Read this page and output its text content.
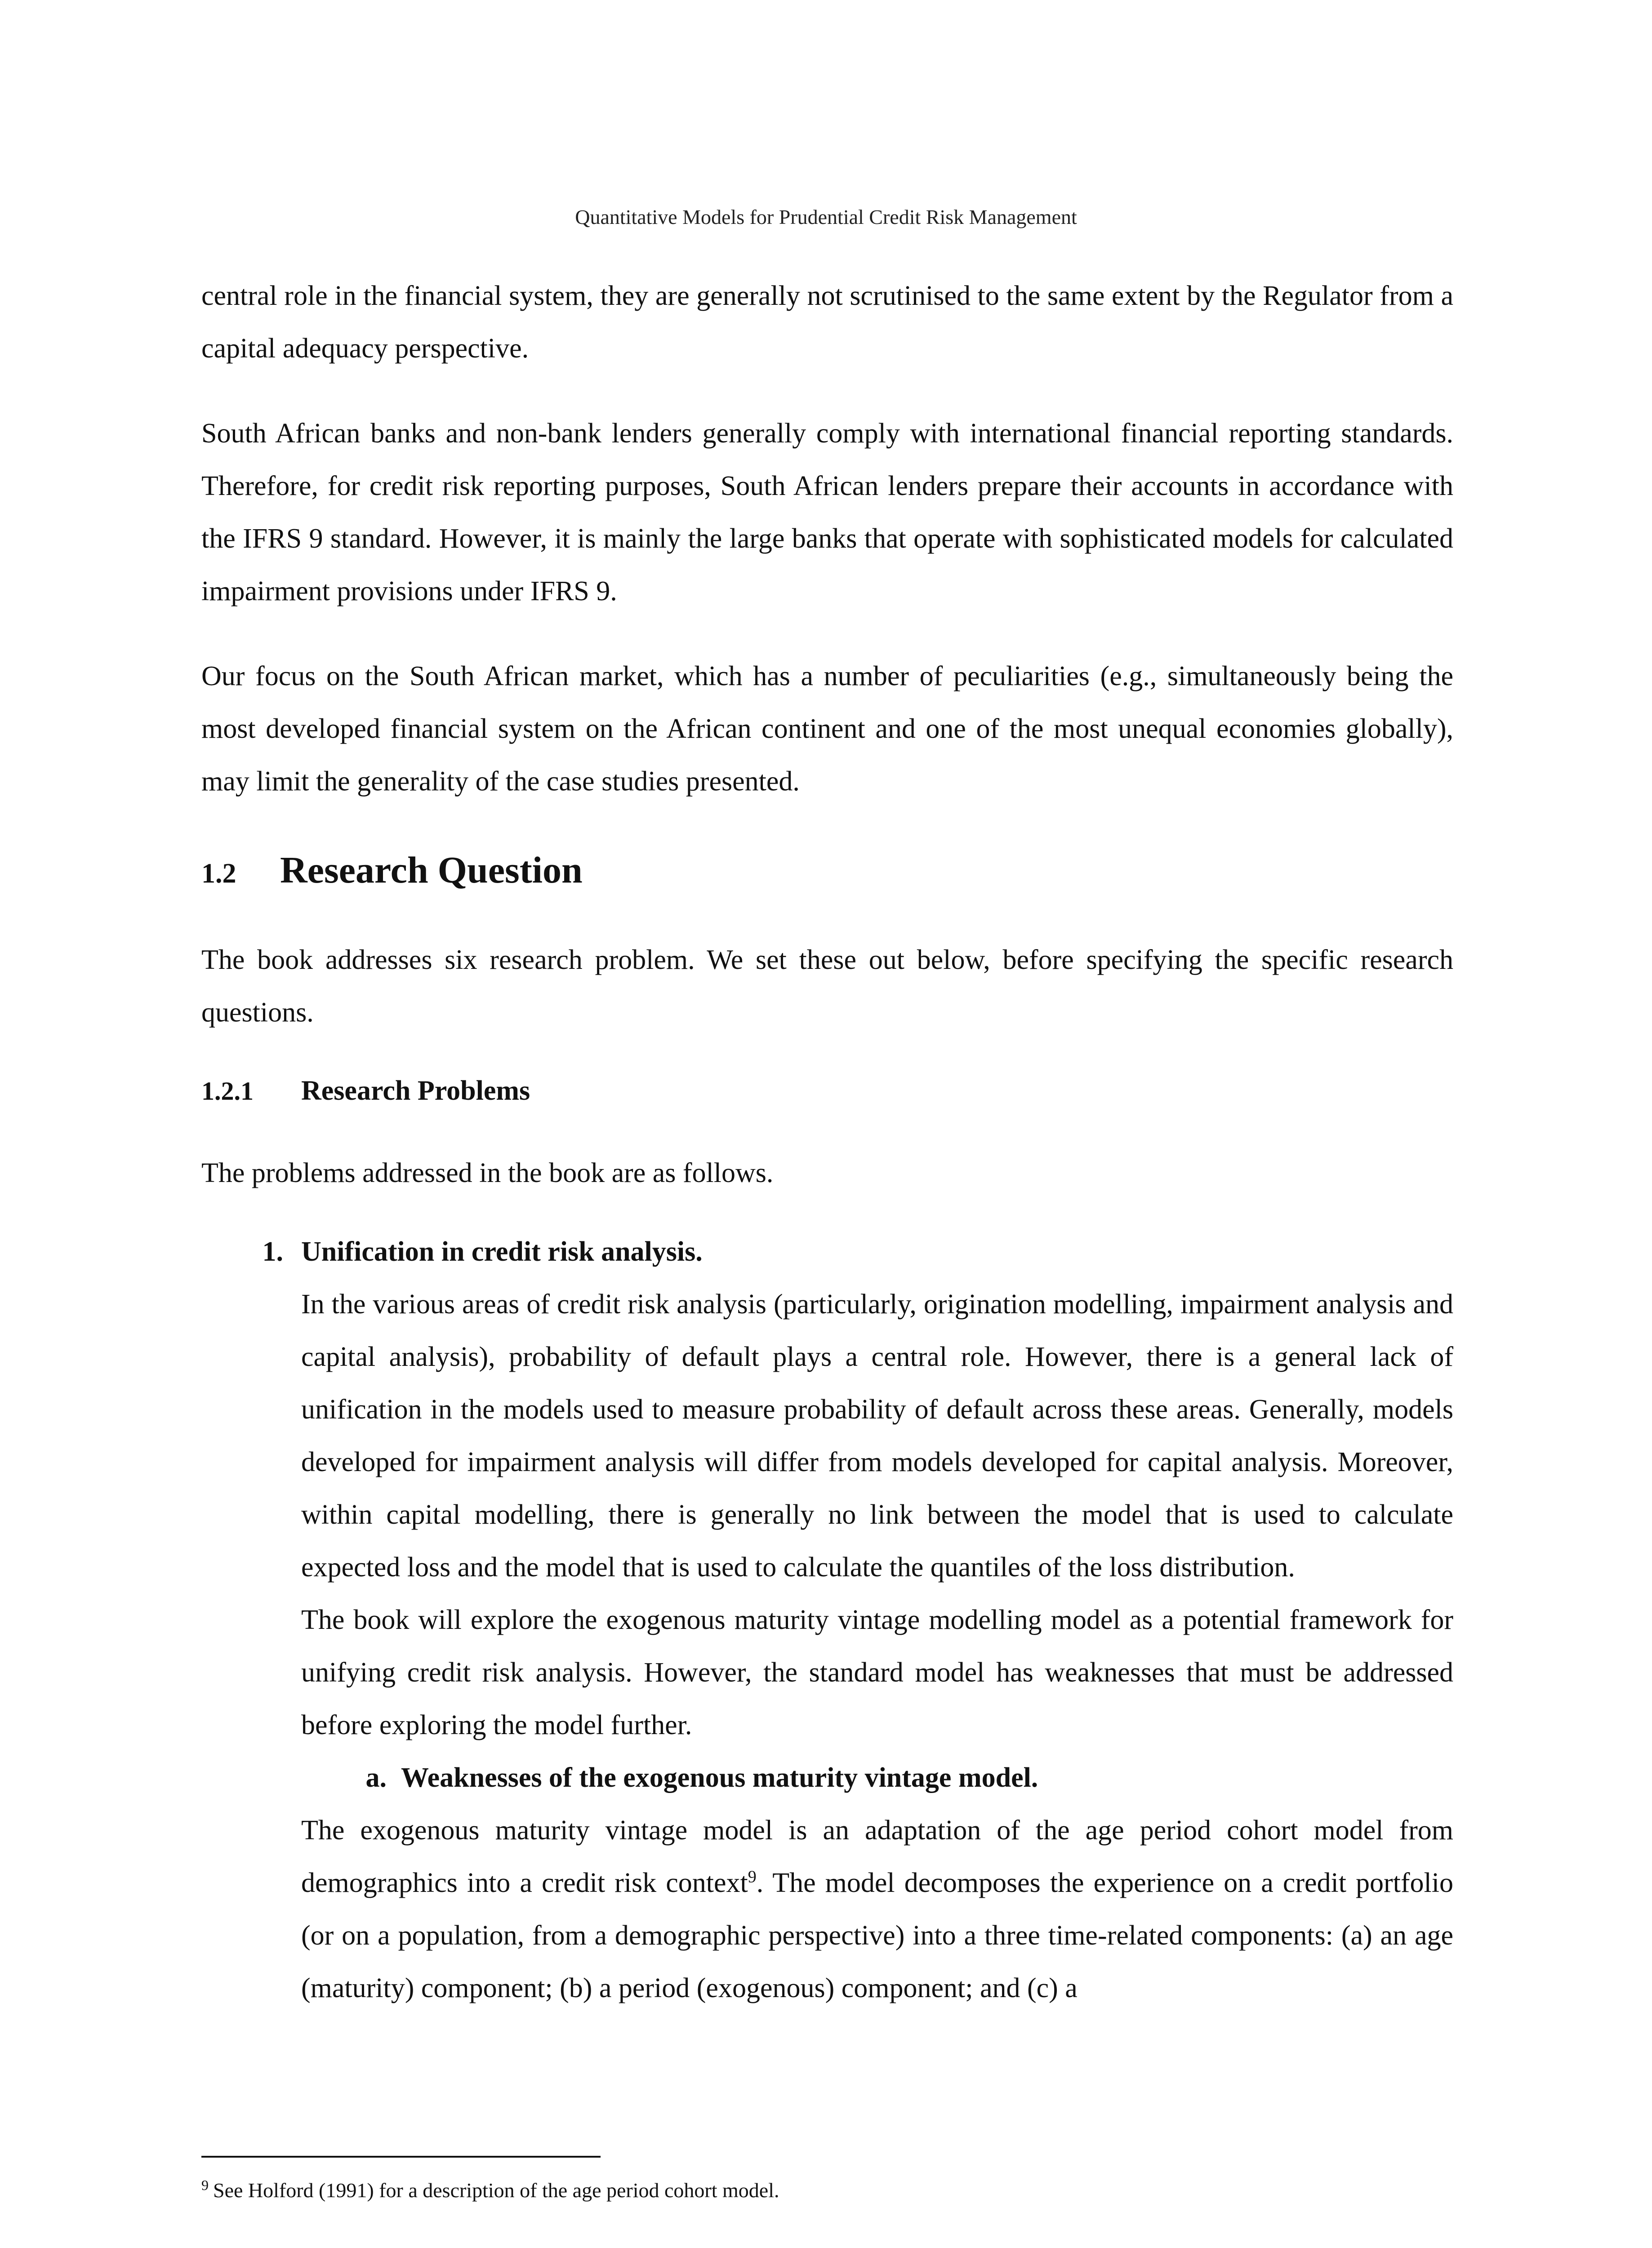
Quantitative Models for Prudential Credit Risk Management

central role in the financial system, they are generally not scrutinised to the same extent by the Regulator from a capital adequacy perspective.

South African banks and non-bank lenders generally comply with international financial reporting standards. Therefore, for credit risk reporting purposes, South African lenders prepare their accounts in accordance with the IFRS 9 standard. However, it is mainly the large banks that operate with sophisticated models for calculated impairment provisions under IFRS 9.

Our focus on the South African market, which has a number of peculiarities (e.g., simultaneously being the most developed financial system on the African continent and one of the most unequal economies globally), may limit the generality of the case studies presented.

1.2	Research Question

The book addresses six research problem. We set these out below, before specifying the specific research questions.

1.2.1	Research Problems

The problems addressed in the book are as follows.

1. Unification in credit risk analysis.

In the various areas of credit risk analysis (particularly, origination modelling, impairment analysis and capital analysis), probability of default plays a central role. However, there is a general lack of unification in the models used to measure probability of default across these areas. Generally, models developed for impairment analysis will differ from models developed for capital analysis. Moreover, within capital modelling, there is generally no link between the model that is used to calculate expected loss and the model that is used to calculate the quantiles of the loss distribution.

The book will explore the exogenous maturity vintage modelling model as a potential framework for unifying credit risk analysis. However, the standard model has weaknesses that must be addressed before exploring the model further.

a. Weaknesses of the exogenous maturity vintage model.

The exogenous maturity vintage model is an adaptation of the age period cohort model from demographics into a credit risk context$^9$. The model decomposes the experience on a credit portfolio (or on a population, from a demographic perspective) into a three time-related components: (a) an age (maturity) component; (b) a period (exogenous) component; and (c) a

$^9$ See Holford (1991) for a description of the age period cohort model.
